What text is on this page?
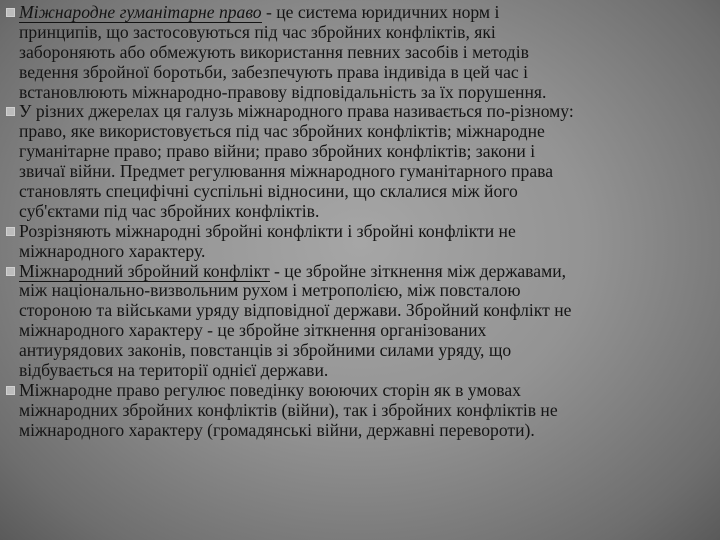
Міжнародне гуманітарне право - це система юридичних норм і
принципів, що застосовуються під час збройних конфліктів, які
забороняють або обмежують використання певних засобів і методів
ведення збройної боротьби, забезпечують права індивіда в цей час і
встановлюють міжнародно-правову відповідальність за їх порушення.

У різних джерелах ця галузь міжнародного права називається по-різному:
право, яке використовується під час збройних конфліктів; міжнародне
гуманітарне право; право війни; право збройних конфліктів; закони і
звичаї війни. Предмет регулювання міжнародного гуманітарного права
становлять специфічні суспільні відносини, що склалися між його
суб'єктами під час збройних конфліктів.

Розрізняють міжнародні збройні конфлікти і збройні конфлікти не
міжнародного характеру.

Міжнародний збройний конфлікт - це збройне зіткнення між державами,
між національно-визвольним рухом і метрополією, між повсталою
стороною та військами уряду відповідної держави. Збройний конфлікт не
міжнародного характеру - це збройне зіткнення організованих
антиурядових законів, повстанців зі збройними силами уряду, що
відбувається на території однієї держави.

Міжнародне право регулює поведінку воюючих сторін як в умовах
міжнародних збройних конфліктів (війни), так і збройних конфліктів не
міжнародного характеру (громадянські війни, державні перевороти).
